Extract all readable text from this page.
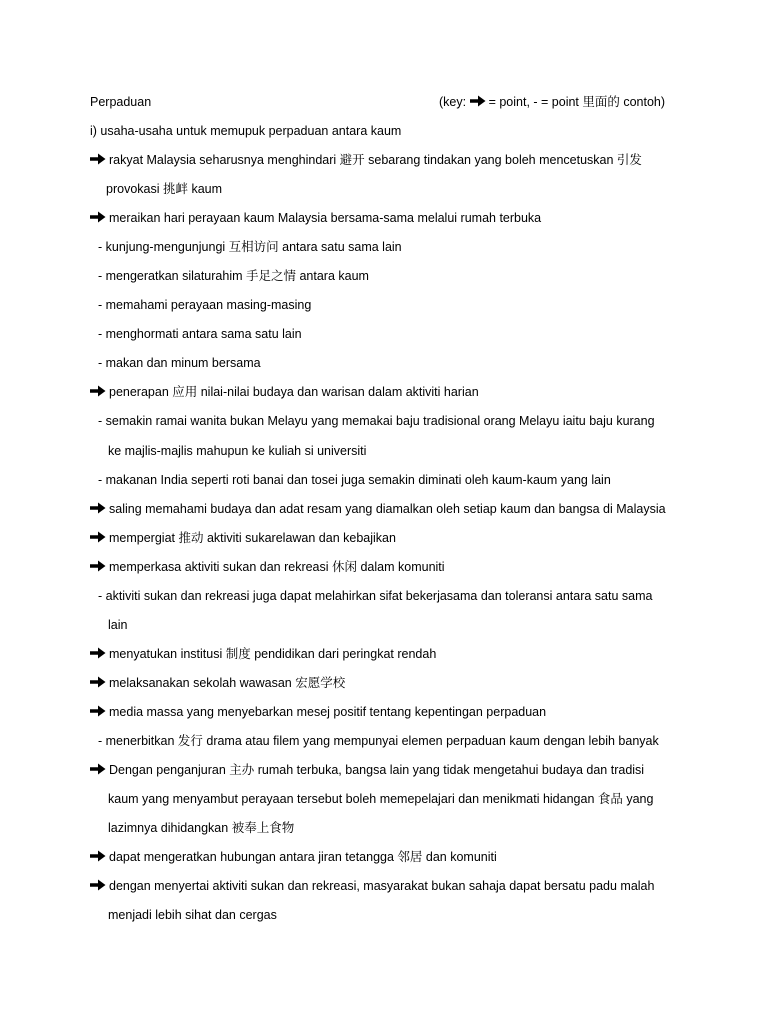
Perpaduan	(key:
= point, - = point 里面的 contoh)
i) usaha-usaha untuk memupuk perpaduan antara kaum
rakyat Malaysia seharusnya menghindari 避开 sebarang tindakan yang boleh mencetuskan 引发
provokasi 挑衅 kaum
meraikan hari perayaan kaum Malaysia bersama-sama melalui rumah terbuka
- kunjung-mengunjungi 互相访问 antara satu sama lain
- mengeratkan silaturahim 手足之情 antara kaum
- memahami perayaan masing-masing
- menghormati antara sama satu lain
- makan dan minum bersama
penerapan 应用 nilai-nilai budaya dan warisan dalam aktiviti harian
- semakin ramai wanita bukan Melayu yang memakai baju tradisional orang Melayu iaitu baju kurang
ke majlis-majlis mahupun ke kuliah si universiti
- makanan India seperti roti banai dan tosei juga semakin diminati oleh kaum-kaum yang lain
saling memahami budaya dan adat resam yang diamalkan oleh setiap kaum dan bangsa di Malaysia
mempergiat 推动 aktiviti sukarelawan dan kebajikan
memperkasa aktiviti sukan dan rekreasi 休闲 dalam komuniti
- aktiviti sukan dan rekreasi juga dapat melahirkan sifat bekerjasama dan toleransi antara satu sama
lain
menyatukan institusi 制度 pendidikan dari peringkat rendah
melaksanakan sekolah wawasan 宏愿学校
media massa yang menyebarkan mesej positif tentang kepentingan perpaduan
- menerbitkan 发行 drama atau filem yang mempunyai elemen perpaduan kaum dengan lebih banyak
Dengan penganjuran 主办 rumah terbuka, bangsa lain yang tidak mengetahui budaya dan tradisi
kaum yang menyambut perayaan tersebut boleh memepelajari dan menikmati hidangan 食品 yang
lazimnya dihidangkan 被奉上食物
dapat mengeratkan hubungan antara jiran tetangga 邻居 dan komuniti
dengan menyertai aktiviti sukan dan rekreasi, masyarakat bukan sahaja dapat bersatu padu malah
menjadi lebih sihat dan cergas
